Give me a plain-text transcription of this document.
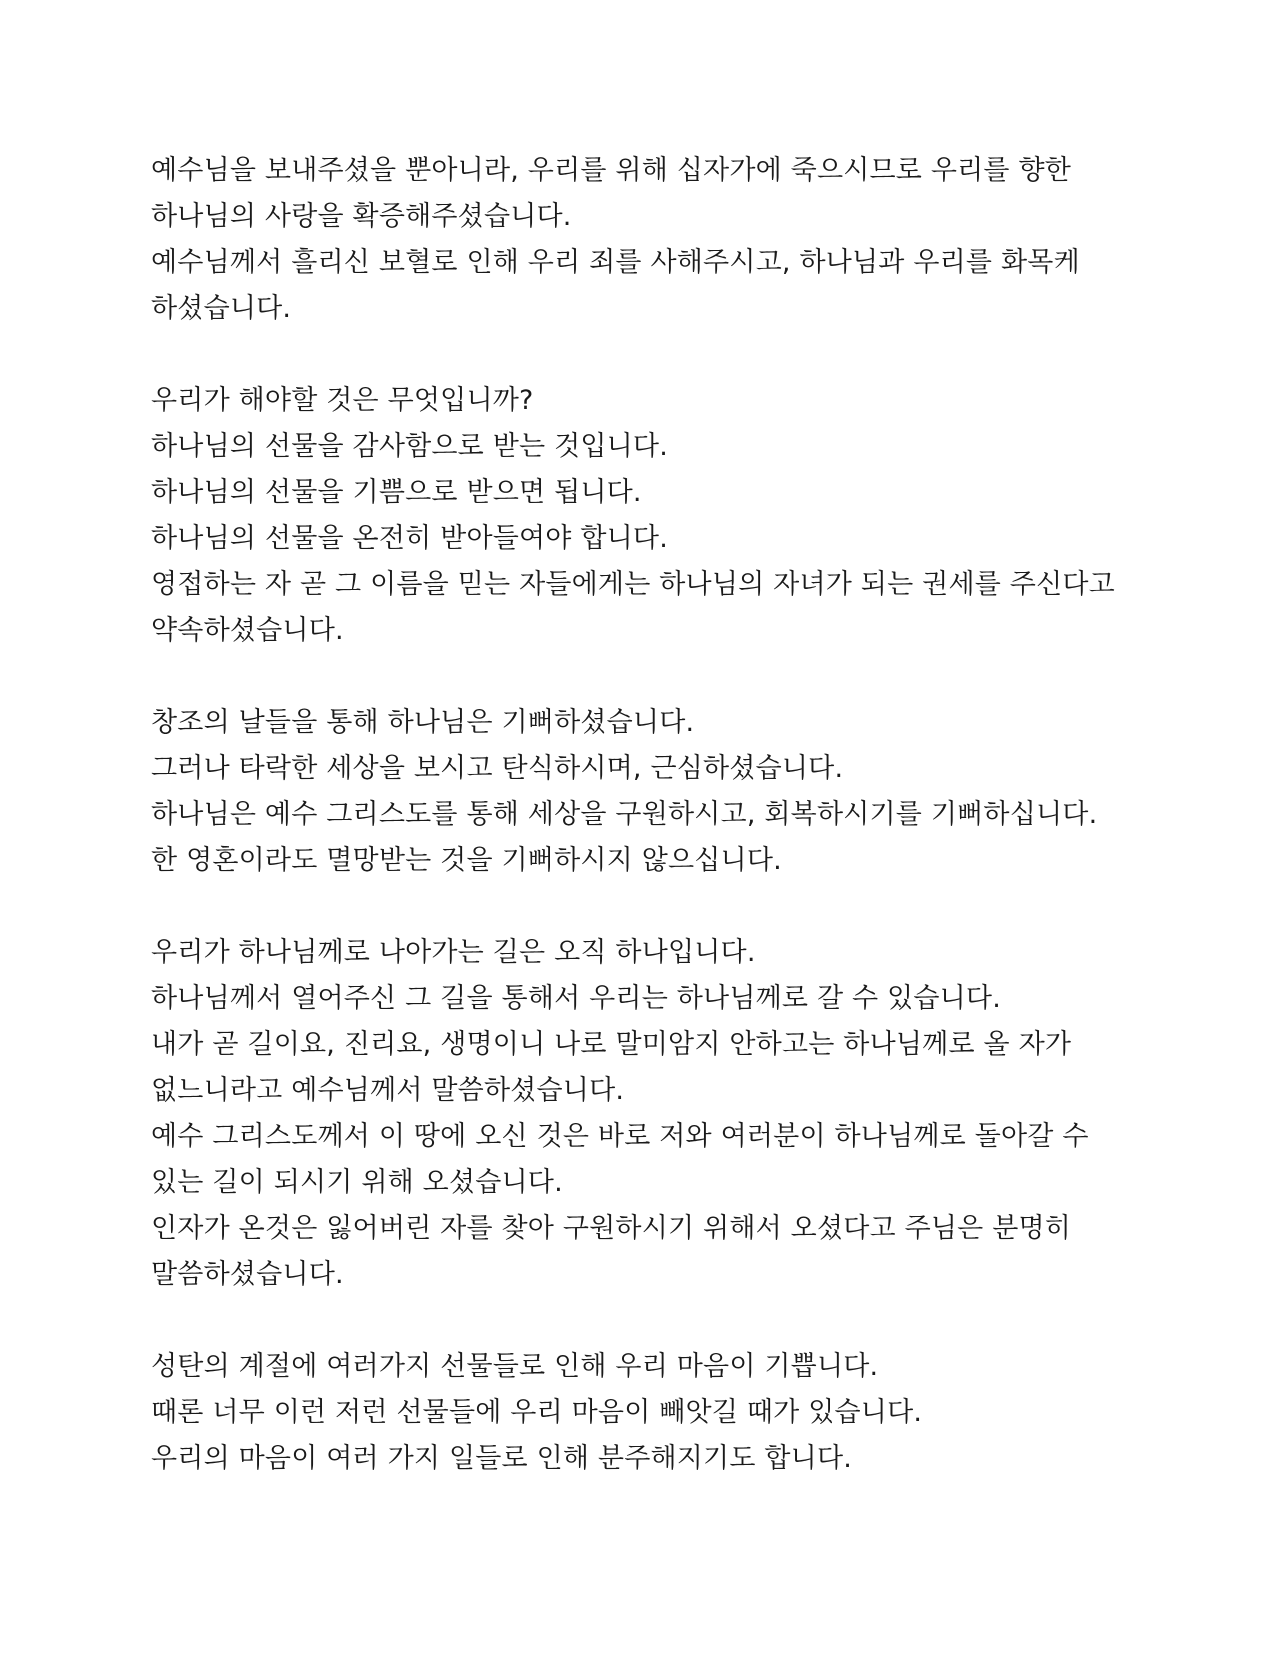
예수님을 보내주셨을 뿐아니라, 우리를 위해 십자가에 죽으시므로 우리를 향한
하나님의 사랑을 확증해주셨습니다.
예수님께서 흘리신 보혈로 인해 우리 죄를 사해주시고, 하나님과 우리를 화목케
하셨습니다.
우리가 해야할 것은 무엇입니까?
하나님의 선물을 감사함으로 받는 것입니다.
하나님의 선물을 기쁨으로 받으면 됩니다.
하나님의 선물을 온전히 받아들여야 합니다.
영접하는 자 곧 그 이름을 믿는 자들에게는 하나님의 자녀가 되는 권세를 주신다고
약속하셨습니다.
창조의 날들을 통해 하나님은 기뻐하셨습니다.
그러나 타락한 세상을 보시고 탄식하시며, 근심하셨습니다.
하나님은 예수 그리스도를 통해 세상을 구원하시고, 회복하시기를 기뻐하십니다.
한 영혼이라도 멸망받는 것을 기뻐하시지 않으십니다.
우리가 하나님께로 나아가는 길은 오직 하나입니다.
하나님께서 열어주신 그 길을 통해서 우리는 하나님께로 갈 수 있습니다.
내가 곧 길이요, 진리요, 생명이니 나로 말미암지 안하고는 하나님께로 올 자가
없느니라고 예수님께서 말씀하셨습니다.
예수 그리스도께서 이 땅에 오신 것은 바로 저와 여러분이 하나님께로 돌아갈 수
있는 길이 되시기 위해 오셨습니다.
인자가 온것은 잃어버린 자를 찾아 구원하시기 위해서 오셨다고 주님은 분명히
말씀하셨습니다.
성탄의 계절에 여러가지 선물들로 인해 우리 마음이 기쁩니다.
때론 너무 이런 저런 선물들에 우리 마음이 빼앗길 때가 있습니다.
우리의 마음이 여러 가지 일들로 인해 분주해지기도 합니다.
